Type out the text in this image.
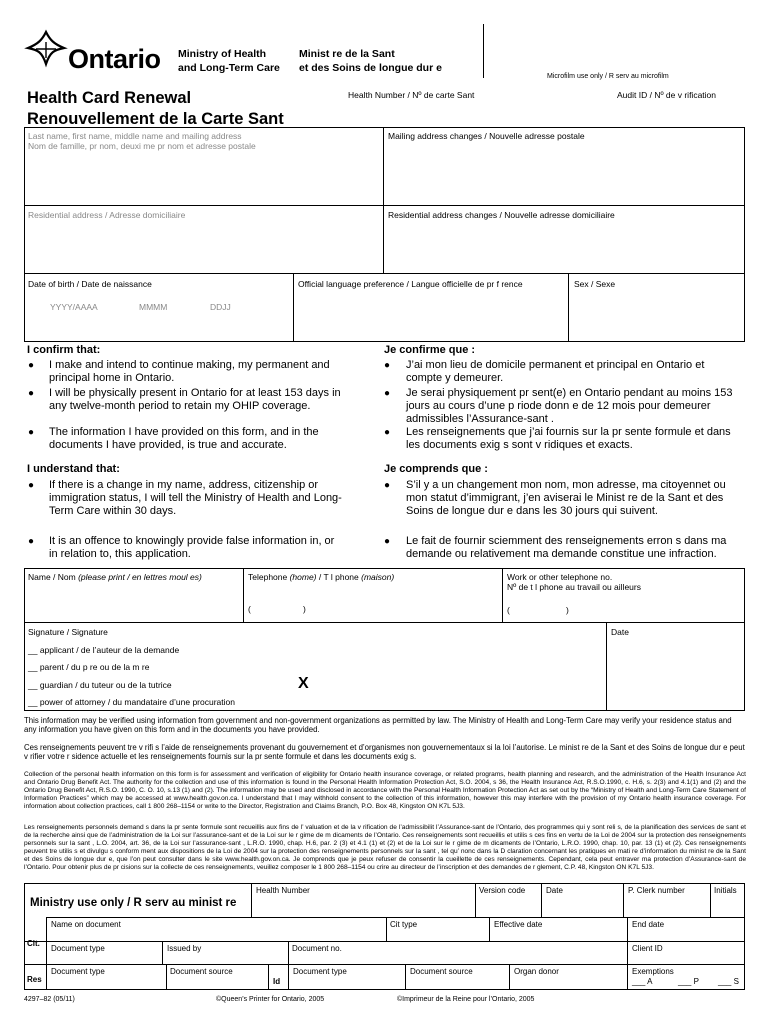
Ontario Ministry of Health
and Long-Term Care
Minist re de la Sant
et des Soins de longue dur e
Microfilm use only / R serv au microfilm
Health Card Renewal
Renouvellement de la Carte Sant
Health Number / Nº de carte Sant	Audit ID / Nº de v rification
Last name, first name, middle name and mailing address
Nom de famille, pr nom, deuxi me pr nom et adresse postale
Mailing address changes / Nouvelle adresse postale
Residential address / Adresse domiciliaire	Residential address changes / Nouvelle adresse domiciliaire
Date of birth / Date de naissance
YYYY/AAAA	MMMM	DDJJ
Official language preference / Langue officielle de pr f rence	Sex / Sexe
I confirm that:	Je confirme que :
● I make and intend to continue making, my permanent and principal home in Ontario.
● I will be physically present in Ontario for at least 153 days in any twelve-month period to retain my OHIP coverage.
● The information I have provided on this form, and in the documents I have provided, is true and accurate.
● J’ai mon lieu de domicile permanent et principal en Ontario et compte y demeurer.
● Je serai physiquement pr sent(e) en Ontario pendant au moins 153 jours au cours d’une p riode donn e de 12 mois pour demeurer admissibles l’Assurance-sant .
● Les renseignements que j’ai fournis sur la pr sente formule et dans les documents exig s sont v ridiques et exacts.
I understand that:	Je comprends que :
● If there is a change in my name, address, citizenship or immigration status, I will tell the Ministry of Health and Long-Term Care within 30 days.
● It is an offence to knowingly provide false information in, or in relation to, this application.
● S’il y a un changement mon nom, mon adresse, ma citoyennet ou mon statut d’immigrant, j’en aviserai le Minist re de la Sant et des Soins de longue dur e dans les 30 jours qui suivent.
● Le fait de fournir sciemment des renseignements erron s dans ma demande ou relativement ma demande constitue une infraction.
Name / Nom (please print / en lettres moul es)	Telephone (home) / T l phone (maison)
(	)
Work or other telephone no.
Nº de t l phone au travail ou ailleurs
(	)
Signature / Signature	Date
__ applicant / de l’auteur de la demande
__ parent / du p re ou de la m re
__ guardian / du tuteur ou de la tutrice
__ power of attorney / du mandataire d’une procuration
X
This information may be verified using information from government and non-government organizations as permitted by law. The Ministry of Health and Long-Term Care may verify your residence status and any information you have given on this form and in the documents you have provided.
Ces renseignements peuvent tre v rifi s l’aide de renseignements provenant du gouvernement et d’organismes non gouvernementaux si la loi l’autorise. Le minist re de la Sant et des Soins de longue dur e peut v rifier votre r sidence actuelle et les renseignements fournis sur la pr sente formule et dans les documents exig s.
Collection of the personal health information on this form is for assessment and verification of eligibility for Ontario health insurance coverage, or related programs, health planning and research, and the administration of the Health Insurance Act and Ontario Drug Benefit Act. The authority for the collection and use of this information is found in the Personal Health Information Protection Act, S.O. 2004, s 36, the Health Insurance Act, R.S.O.1990, c. H.6, s. 2(3) and 4.1(1) and (2) and the Ontario Drug Benefit Act, R.S.O. 1990, C. O. 10, s.13 (1) and (2). The information may be used and disclosed in accordance with the Personal Health Information Protection Act as set out by the “Ministry of Health and Long-Term Care Statement of Information Practices” which may be accessed at www.health.gov.on.ca. I understand that I may withhold consent to the collection of this information, however this may interfere with the provision of my Ontario health insurance coverage. For information about collection practices, call 1 800 268–1154 or write to the Director, Registration and Claims Branch, P.O. Box 48, Kingston ON K7L 5J3.
Les renseignements personnels demand s dans la pr sente formule sont recueillis aux fins de l’ valuation et de la v rification de l’admissibilit l’Assurance-sant de l’Ontario, des programmes qui y sont reli s, de la planification des services de sant et de la recherche ainsi que de l’administration de la Loi sur l’assurance-sant et de la Loi sur le r gime de m dicaments de l’Ontario. Ces renseignements sont recueillis et utilis s ces fins en vertu de la Loi de 2004 sur la protection des renseignements personnels sur la sant , L.O. 2004, art. 36, de la Loi sur l’assurance-sant , L.R.O. 1990, chap. H.6, par. 2 (3) et 4.1 (1) et (2) et de la Loi sur le r gime de m dicaments de l’Ontario, L.R.O. 1990, chap. 10, par. 13 (1) et (2). Ces renseignements peuvent tre utilis s et divulgu s conform ment aux dispositions de la Loi de 2004 sur la protection des renseignements personnels sur la sant , tel qu’ nonc dans la D claration concernant les pratiques en mati re d’information du minist re de la Sant et des Soins de longue dur e, que l’on peut consulter dans le site www.health.gov.on.ca. Je comprends que je peux refuser de consentir la cueillette de ces renseignements. Cependant, cela peut entraver ma protection d’Assurance-sant de l’Ontario. Pour obtenir plus de pr cisions sur la collecte de ces renseignements, veuillez composer le 1 800 268–1154 ou crire au directeur de l’inscription et des demandes de r glement, C.P. 48, Kingston ON K7L 5J3.
Ministry use only / R serv au minist re
Health Number	Version code	Date	P. Clerk number	Initials
Name on document	Cit type	Effective date	End date
Cit.
Document type	Issued by	Document no.	Client ID
Res
Document type	Document source
Id
Document type	Document source	Organ donor	Exemptions
___ A	___ P ___ S
4297–82 (05/11)	©Queen’s Printer for Ontario, 2005	©Imprimeur de la Reine pour l’Ontario, 2005
